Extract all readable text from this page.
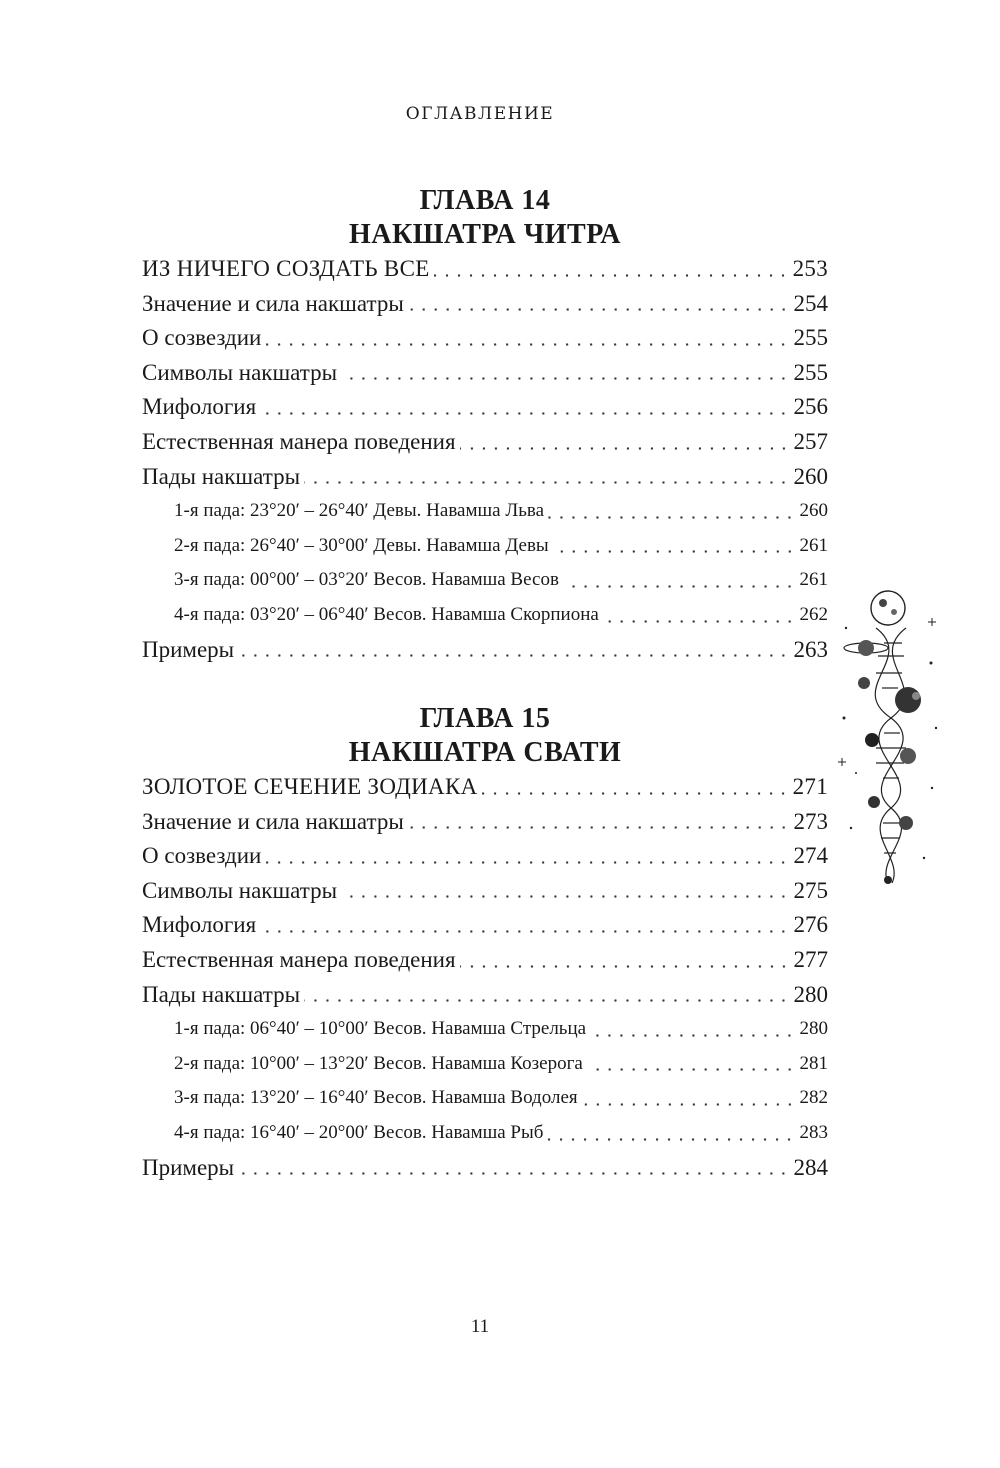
ОГЛАВЛЕНИЕ
ГЛАВА 14
НАКШАТРА ЧИТРА
ИЗ НИЧЕГО СОЗДАТЬ ВСЕ	253
Значение и сила накшатры	254
О созвездии	255
Символы накшатры	255
Мифология	256
Естественная манера поведения	257
Пады накшатры	260
1-я пада: 23°20′ – 26°40′ Девы. Навамша Льва	260
2-я пада: 26°40′ – 30°00′ Девы. Навамша Девы	261
3-я пада: 00°00′ – 03°20′ Весов. Навамша Весов	261
4-я пада: 03°20′ – 06°40′ Весов. Навамша Скорпиона	262
Примеры	263
ГЛАВА 15
НАКШАТРА СВАТИ
ЗОЛОТОЕ СЕЧЕНИЕ ЗОДИАКА	271
Значение и сила накшатры	273
О созвездии	274
Символы накшатры	275
Мифология	276
Естественная манера поведения	277
Пады накшатры	280
1-я пада: 06°40′ – 10°00′ Весов. Навамша Стрельца	280
2-я пада: 10°00′ – 13°20′ Весов. Навамша Козерога	281
3-я пада: 13°20′ – 16°40′ Весов. Навамша Водолея	282
4-я пада: 16°40′ – 20°00′ Весов. Навамша Рыб	283
Примеры	284
11
